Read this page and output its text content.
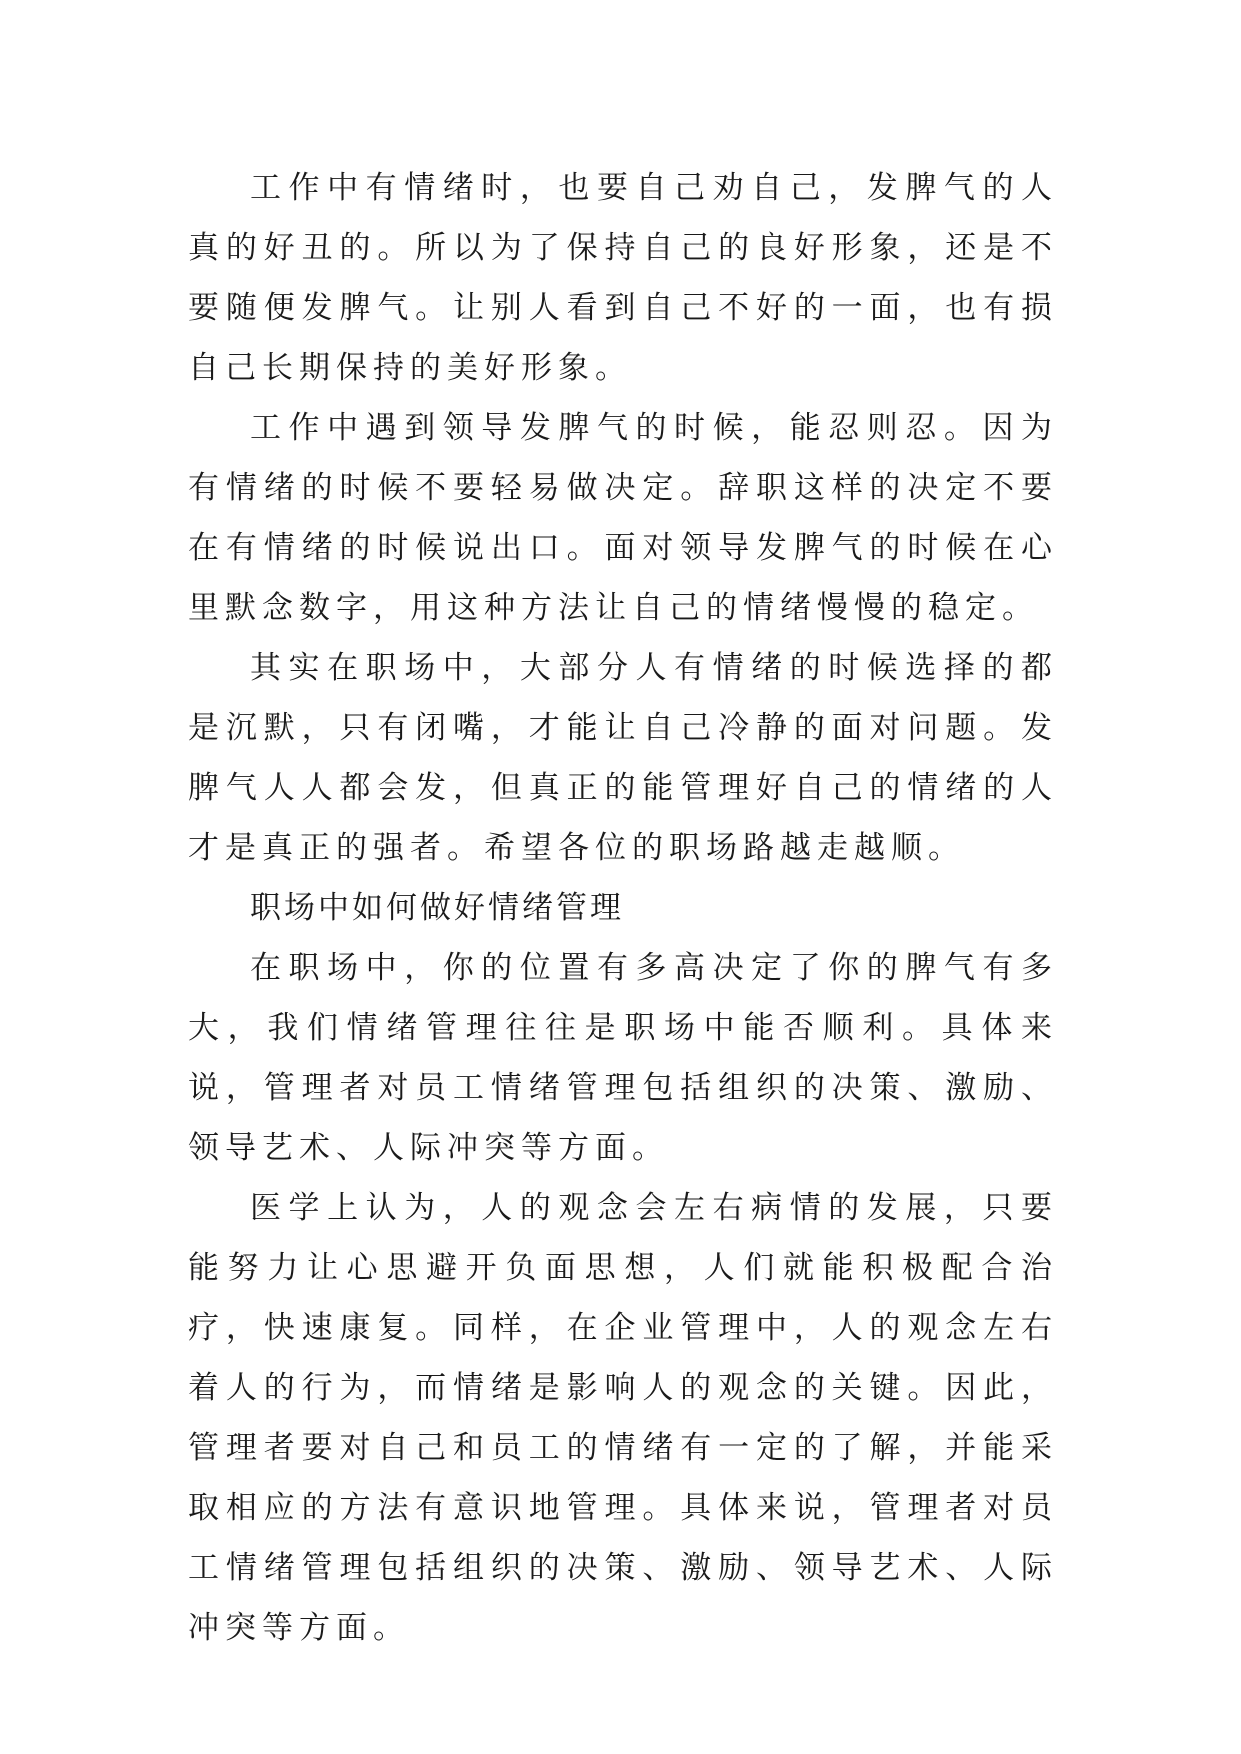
工作中有情绪时，也要自己劝自己，发脾气的人真的好丑的。所以为了保持自己的良好形象，还是不要随便发脾气。让别人看到自己不好的一面，也有损自己长期保持的美好形象。

工作中遇到领导发脾气的时候，能忍则忍。因为有情绪的时候不要轻易做决定。辞职这样的决定不要在有情绪的时候说出口。面对领导发脾气的时候在心里默念数字，用这种方法让自己的情绪慢慢的稳定。

其实在职场中，大部分人有情绪的时候选择的都是沉默，只有闭嘴，才能让自己冷静的面对问题。发脾气人人都会发，但真正的能管理好自己的情绪的人才是真正的强者。希望各位的职场路越走越顺。

职场中如何做好情绪管理

在职场中，你的位置有多高决定了你的脾气有多大，我们情绪管理往往是职场中能否顺利。具体来说，管理者对员工情绪管理包括组织的决策、激励、领导艺术、人际冲突等方面。

医学上认为，人的观念会左右病情的发展，只要能努力让心思避开负面思想，人们就能积极配合治疗，快速康复。同样，在企业管理中，人的观念左右着人的行为，而情绪是影响人的观念的关键。因此，管理者要对自己和员工的情绪有一定的了解，并能采取相应的方法有意识地管理。具体来说，管理者对员工情绪管理包括组织的决策、激励、领导艺术、人际冲突等方面。
